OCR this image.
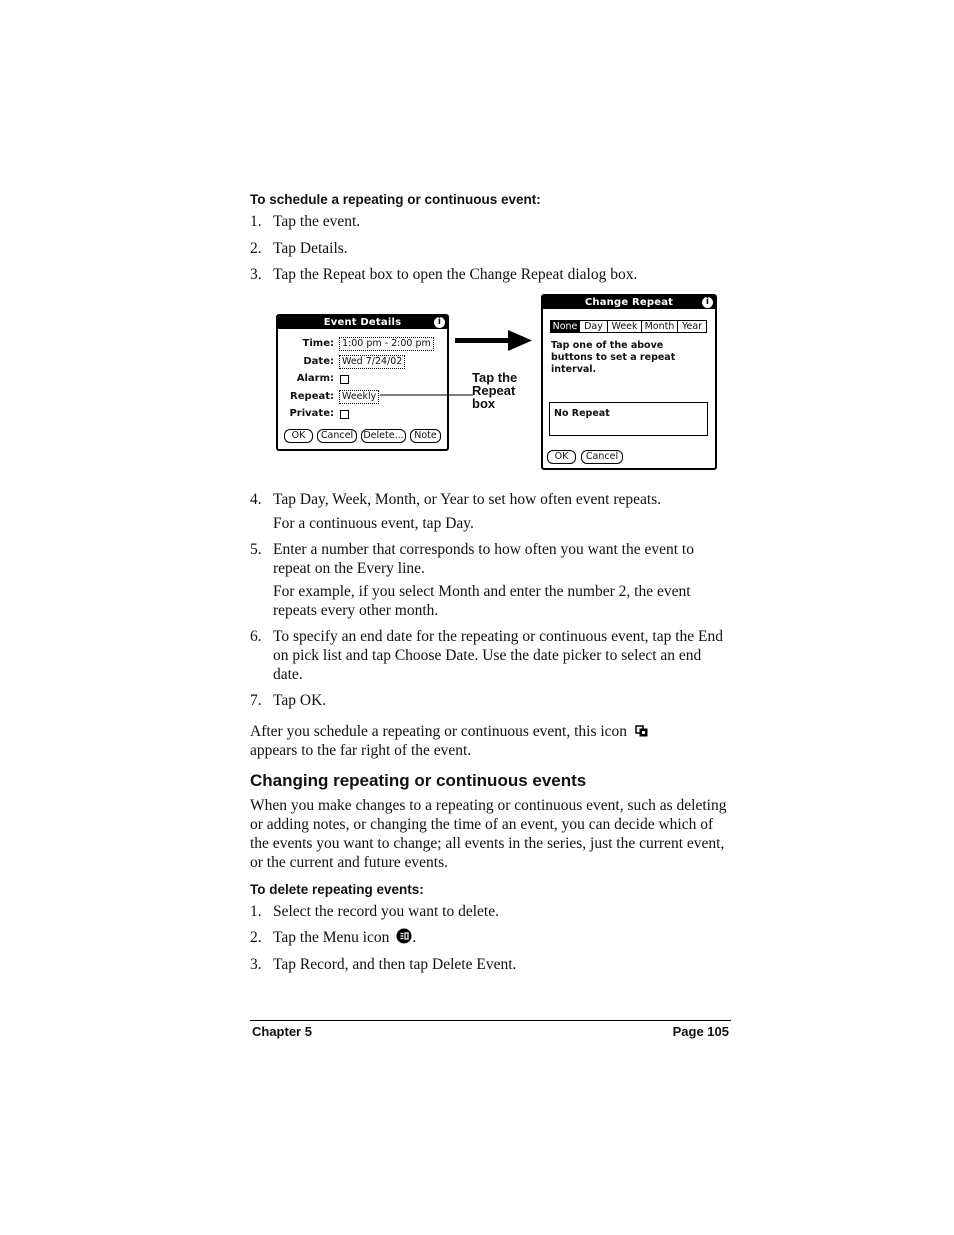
To schedule a repeating or continuous event:
1. Tap the event.
2. Tap Details.
3. Tap the Repeat box to open the Change Repeat dialog box.
Event Details	i
Time: 1:00 pm - 2:00 pm
Date: Wed 7/24/02
Alarm:
Repeat: Weekly
Private:
OK	Cancel	Delete...	Note
Tap the
Repeat
box
Change Repeat	i
None Day Week Month Year
Tap one of the above
buttons to set a repeat
interval.
No Repeat
OK	Cancel
4. Tap Day, Week, Month, or Year to set how often event repeats.
For a continuous event, tap Day.
5. Enter a number that corresponds to how often you want the event to repeat on the Every line.
For example, if you select Month and enter the number 2, the event repeats every other month.
6. To specify an end date for the repeating or continuous event, tap the End on pick list and tap Choose Date. Use the date picker to select an end date.
7. Tap OK.
After you schedule a repeating or continuous event, this icon
appears to the far right of the event.
Changing repeating or continuous events
When you make changes to a repeating or continuous event, such as deleting or adding notes, or changing the time of an event, you can decide which of the events you want to change; all events in the series, just the current event, or the current and future events.
To delete repeating events:
1. Select the record you want to delete.
2. Tap the Menu icon .
3. Tap Record, and then tap Delete Event.
Chapter 5	Page 105
